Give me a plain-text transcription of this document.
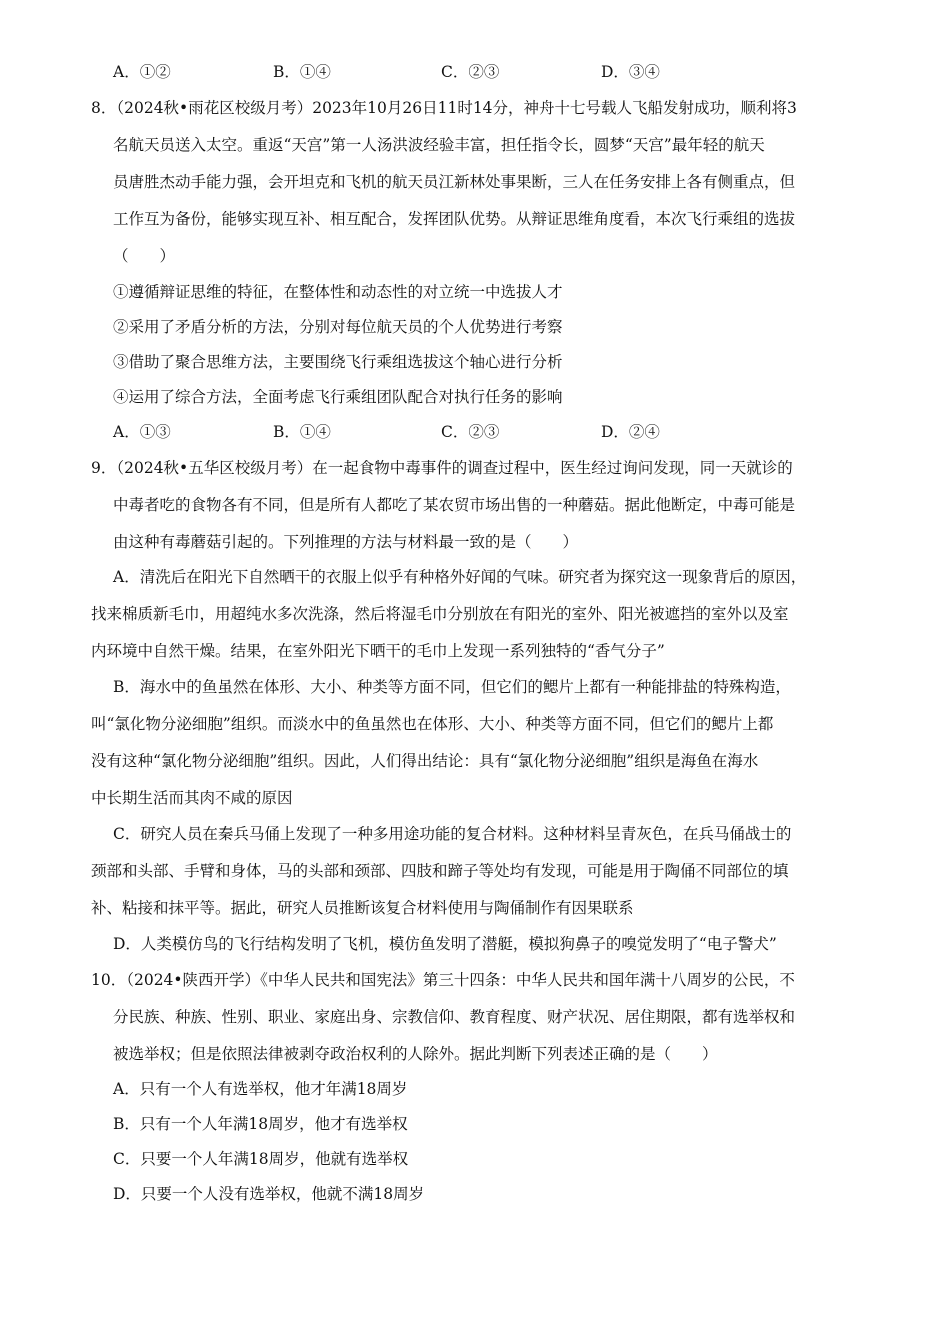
A．①②	B．①④	C．②③	D．③④
8．（2024秋•雨花区校级月考）2023年10月26日11时14分，神舟十七号载人飞船发射成功，顺利将3
名航天员送入太空。重返“天宫”第一人汤洪波经验丰富，担任指令长，圆梦“天宫”最年轻的航天
员唐胜杰动手能力强，会开坦克和飞机的航天员江新林处事果断，三人在任务安排上各有侧重点，但
工作互为备份，能够实现互补、相互配合，发挥团队优势。从辩证思维角度看，本次飞行乘组的选拔
（　　）
①遵循辩证思维的特征，在整体性和动态性的对立统一中选拔人才
②采用了矛盾分析的方法，分别对每位航天员的个人优势进行考察
③借助了聚合思维方法，主要围绕飞行乘组选拔这个轴心进行分析
④运用了综合方法，全面考虑飞行乘组团队配合对执行任务的影响
A．①③	B．①④	C．②③	D．②④
9．（2024秋•五华区校级月考）在一起食物中毒事件的调查过程中，医生经过询问发现，同一天就诊的
中毒者吃的食物各有不同，但是所有人都吃了某农贸市场出售的一种蘑菇。据此他断定，中毒可能是
由这种有毒蘑菇引起的。下列推理的方法与材料最一致的是（　　）
A．清洗后在阳光下自然晒干的衣服上似乎有种格外好闻的气味。研究者为探究这一现象背后的原因，
找来棉质新毛巾，用超纯水多次洗涤，然后将湿毛巾分别放在有阳光的室外、阳光被遮挡的室外以及室
内环境中自然干燥。结果，在室外阳光下晒干的毛巾上发现一系列独特的“香气分子”
B．海水中的鱼虽然在体形、大小、种类等方面不同，但它们的鳃片上都有一种能排盐的特殊构造，
叫“氯化物分泌细胞”组织。而淡水中的鱼虽然也在体形、大小、种类等方面不同，但它们的鳃片上都
没有这种“氯化物分泌细胞”组织。因此，人们得出结论：具有“氯化物分泌细胞”组织是海鱼在海水
中长期生活而其肉不咸的原因
C．研究人员在秦兵马俑上发现了一种多用途功能的复合材料。这种材料呈青灰色，在兵马俑战士的
颈部和头部、手臂和身体，马的头部和颈部、四肢和蹄子等处均有发现，可能是用于陶俑不同部位的填
补、粘接和抹平等。据此，研究人员推断该复合材料使用与陶俑制作有因果联系
D．人类模仿鸟的飞行结构发明了飞机，模仿鱼发明了潜艇，模拟狗鼻子的嗅觉发明了“电子警犬”
10．（2024•陕西开学）《中华人民共和国宪法》第三十四条：中华人民共和国年满十八周岁的公民，不
分民族、种族、性别、职业、家庭出身、宗教信仰、教育程度、财产状况、居住期限，都有选举权和
被选举权；但是依照法律被剥夺政治权利的人除外。据此判断下列表述正确的是（　　）
A．只有一个人有选举权，他才年满18周岁
B．只有一个人年满18周岁，他才有选举权
C．只要一个人年满18周岁，他就有选举权
D．只要一个人没有选举权，他就不满18周岁
